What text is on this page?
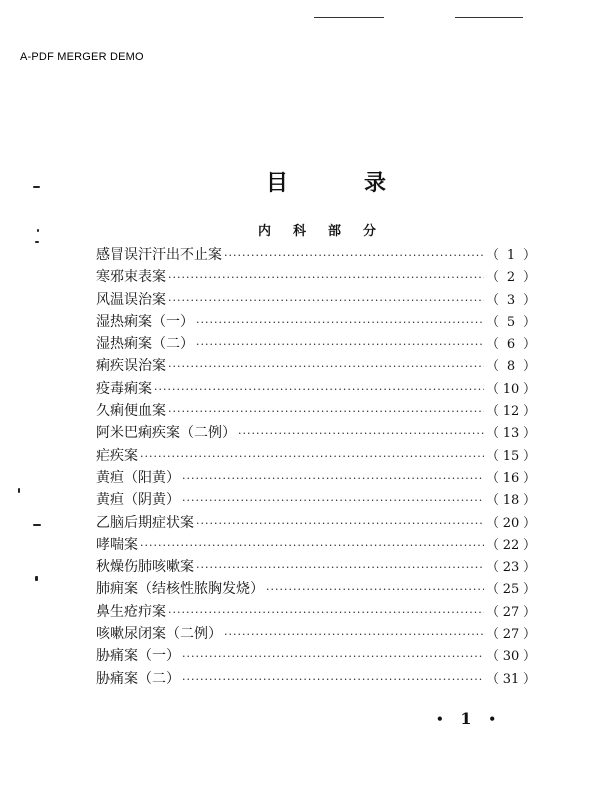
A-PDF MERGER DEMO
目	录
内 科 部 分
感冒误汗汗出不止案 ·····	（ 1 ）
寒邪束表案 ·····	（ 2 ）
风温误治案 ·····	（ 3 ）
湿热痢案（一） ·····	（ 5 ）
湿热痢案（二） ·····	（ 6 ）
痢疾误治案 ·····	（ 8 ）
疫毒痢案 ·····	（ 10 ）
久痢便血案 ·····	（ 12 ）
阿米巴痢疾案（二例） ·····	（ 13 ）
疟疾案 ·····	（ 15 ）
黄疸（阳黄） ·····	（ 16 ）
黄疸（阴黄） ·····	（ 18 ）
乙脑后期症状案 ·····	（ 20 ）
哮喘案 ·····	（ 22 ）
秋燥伤肺咳嗽案 ·····	（ 23 ）
肺痈案（结核性脓胸发烧） ·····	（ 25 ）
鼻生疮疖案 ·····	（ 27 ）
咳嗽尿闭案（二例） ·····	（ 27 ）
胁痛案（一） ·····	（ 30 ）
胁痛案（二） ·····	（ 31 ）
• 1 •
